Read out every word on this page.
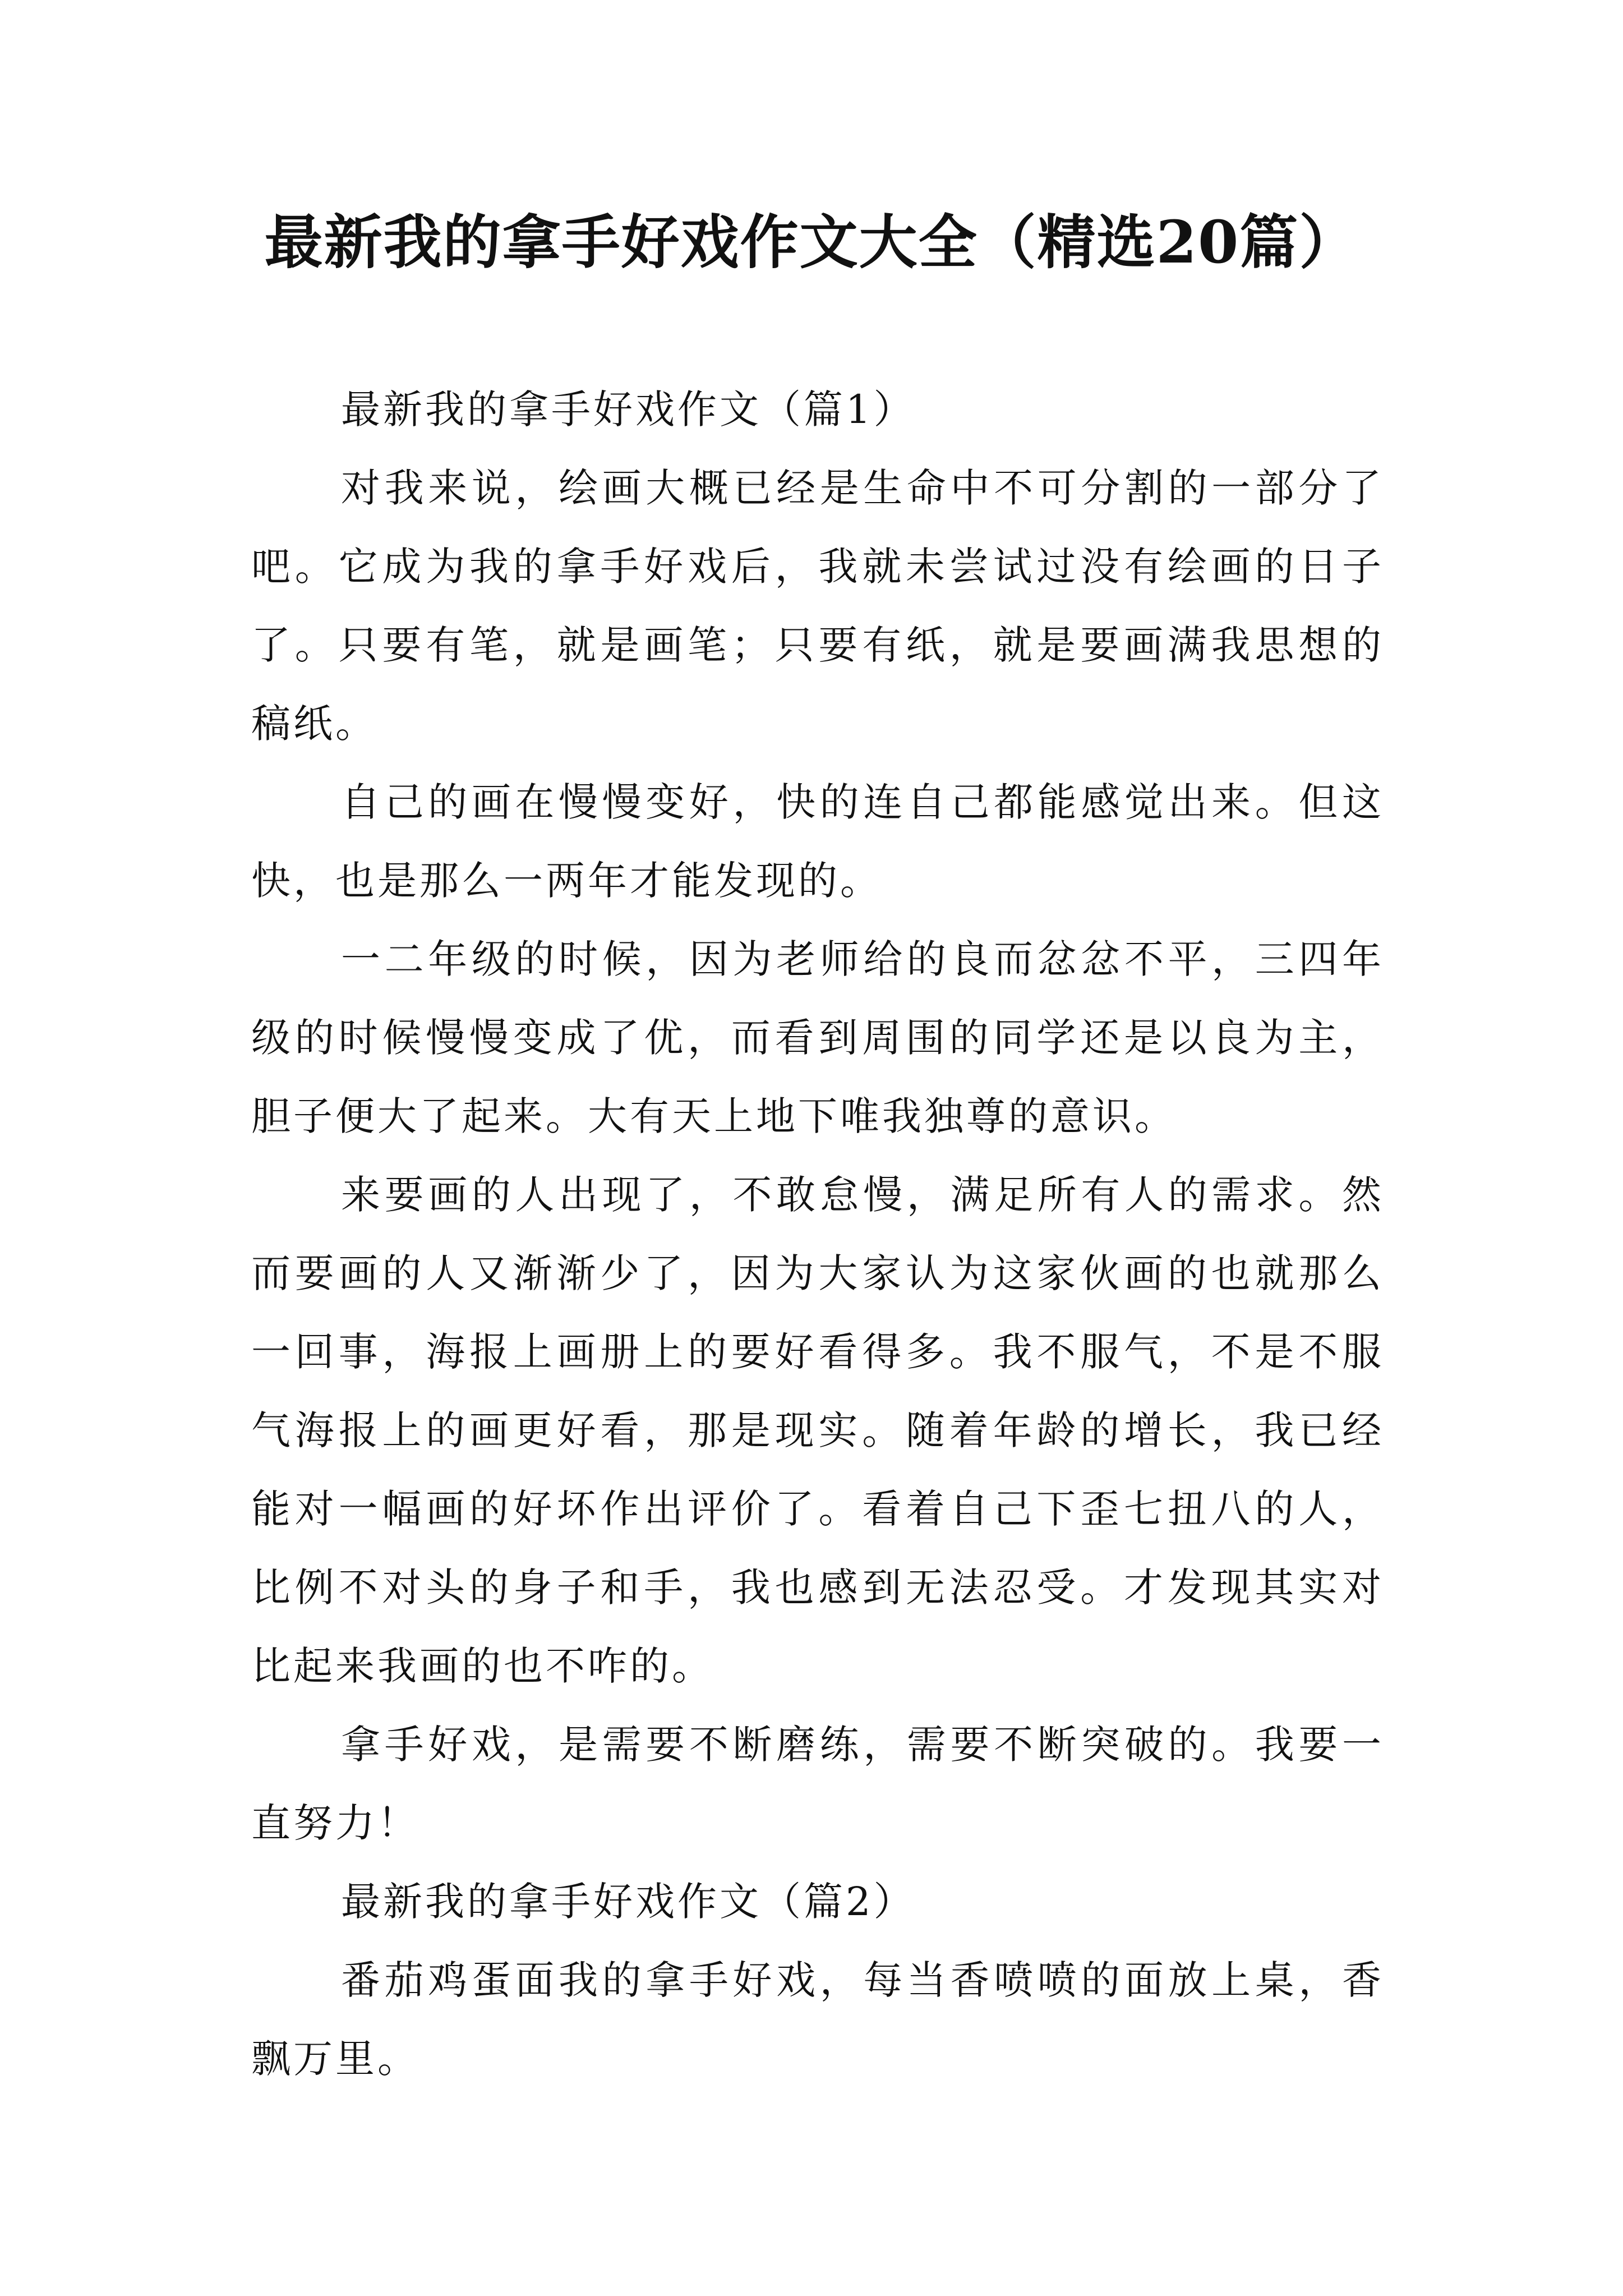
最新我的拿手好戏作文大全（精选20篇）

最新我的拿手好戏作文（篇1）

对我来说，绘画大概已经是生命中不可分割的一部分了吧。它成为我的拿手好戏后，我就未尝试过没有绘画的日子了。只要有笔，就是画笔；只要有纸，就是要画满我思想的稿纸。

自己的画在慢慢变好，快的连自己都能感觉出来。但这快，也是那么一两年才能发现的。

一二年级的时候，因为老师给的良而忿忿不平，三四年级的时候慢慢变成了优，而看到周围的同学还是以良为主，胆子便大了起来。大有天上地下唯我独尊的意识。

来要画的人出现了，不敢怠慢，满足所有人的需求。然而要画的人又渐渐少了，因为大家认为这家伙画的也就那么一回事，海报上画册上的要好看得多。我不服气，不是不服气海报上的画更好看，那是现实。随着年龄的增长，我已经能对一幅画的好坏作出评价了。看着自己下歪七扭八的人，比例不对头的身子和手，我也感到无法忍受。才发现其实对比起来我画的也不咋的。

拿手好戏，是需要不断磨练，需要不断突破的。我要一直努力！

最新我的拿手好戏作文（篇2）

番茄鸡蛋面我的拿手好戏，每当香喷喷的面放上桌，香飘万里。
